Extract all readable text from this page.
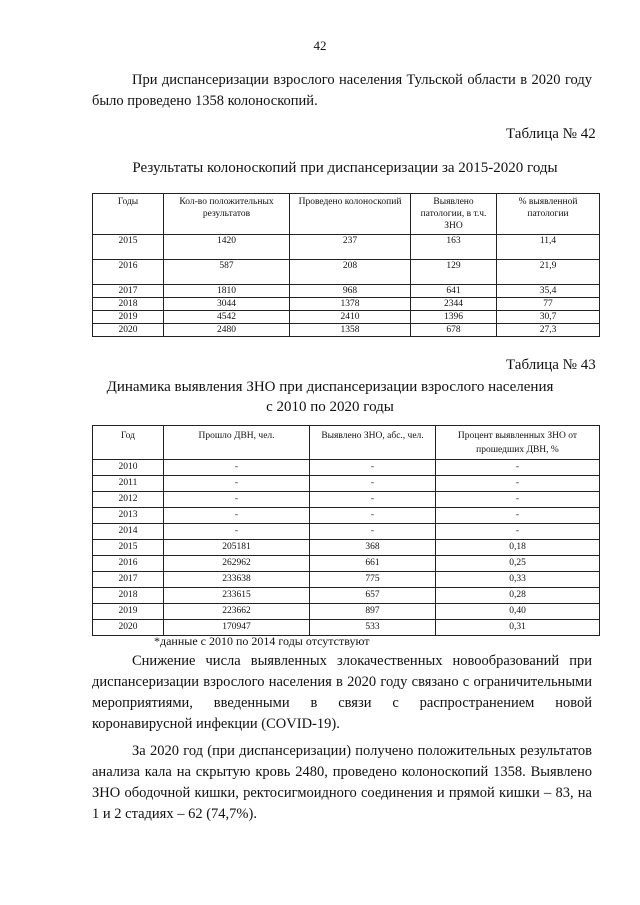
42

При диспансеризации взрослого населения Тульской области в 2020 году было проведено 1358 колоноскопий.

Таблица № 42
Результаты колоноскопий при диспансеризации за 2015-2020 годы
Годы	Кол-во положительных результатов	Проведено колоноскопий	Выявлено патологии, в т.ч. ЗНО	% выявленной патологии
2015	1420	237	163	11,4
2016	587	208	129	21,9
2017	1810	968	641	35,4
2018	3044	1378	2344	77
2019	4542	2410	1396	30,7
2020	2480	1358	678	27,3
Таблица № 43
Динамика выявления ЗНО при диспансеризации взрослого населения
с 2010 по 2020 годы
Год	Прошло ДВН, чел.	Выявлено ЗНО, абс., чел.	Процент выявленных ЗНО от прошедших ДВН, %
2010	-	-	-
2011	-	-	-
2012	-	-	-
2013	-	-	-
2014	-	-	-
2015	205181	368	0,18
2016	262962	661	0,25
2017	233638	775	0,33
2018	233615	657	0,28
2019	223662	897	0,40
2020	170947	533	0,31
*данные с 2010 по 2014 годы отсутствуют

Снижение числа выявленных злокачественных новообразований при диспансеризации взрослого населения в 2020 году связано с ограничительными мероприятиями, введенными в связи с распространением новой коронавирусной инфекции (COVID-19).

За 2020 год (при диспансеризации) получено положительных результатов анализа кала на скрытую кровь 2480, проведено колоноскопий 1358. Выявлено ЗНО ободочной кишки, ректосигмоидного соединения и прямой кишки – 83, на 1 и 2 стадиях – 62 (74,7%).
